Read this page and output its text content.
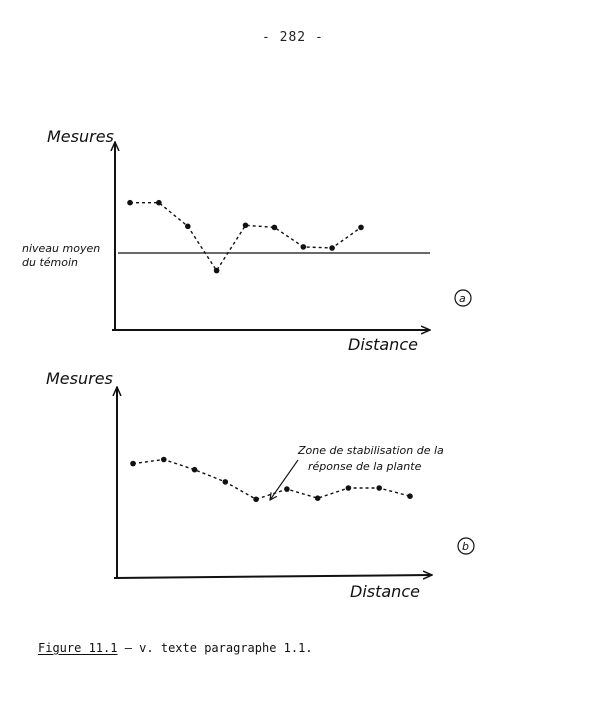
- 282 -
Mesures
Distance
niveau moyen
du témoin
a
Mesures
Distance
Zone de stabilisation de la
réponse de la plante
b
Figure 11.1 – v. texte paragraphe 1.1.
